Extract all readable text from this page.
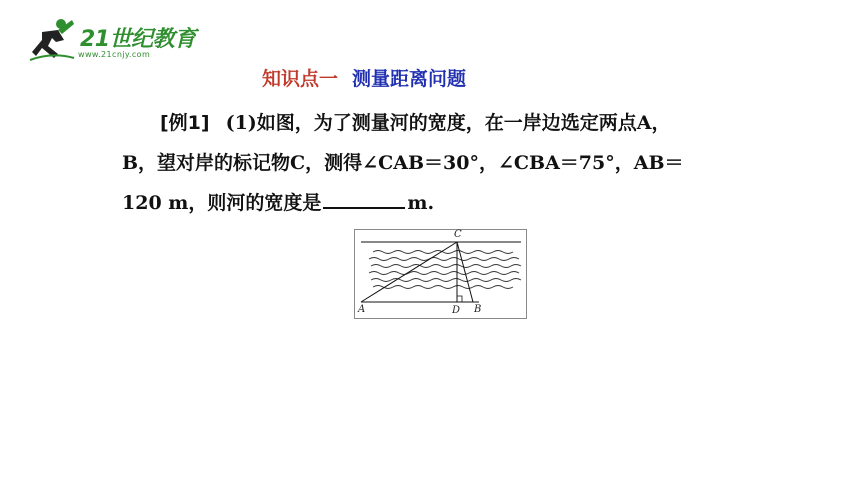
21世纪教育
www.21cnjy.com
知识点一 测量距离问题
[例1] (1)如图，为了测量河的宽度，在一岸边选定两点A，
B，望对岸的标记物C，测得∠CAB＝30°，∠CBA＝75°，AB＝
120 m，则河的宽度是	m.
C
A	D B
